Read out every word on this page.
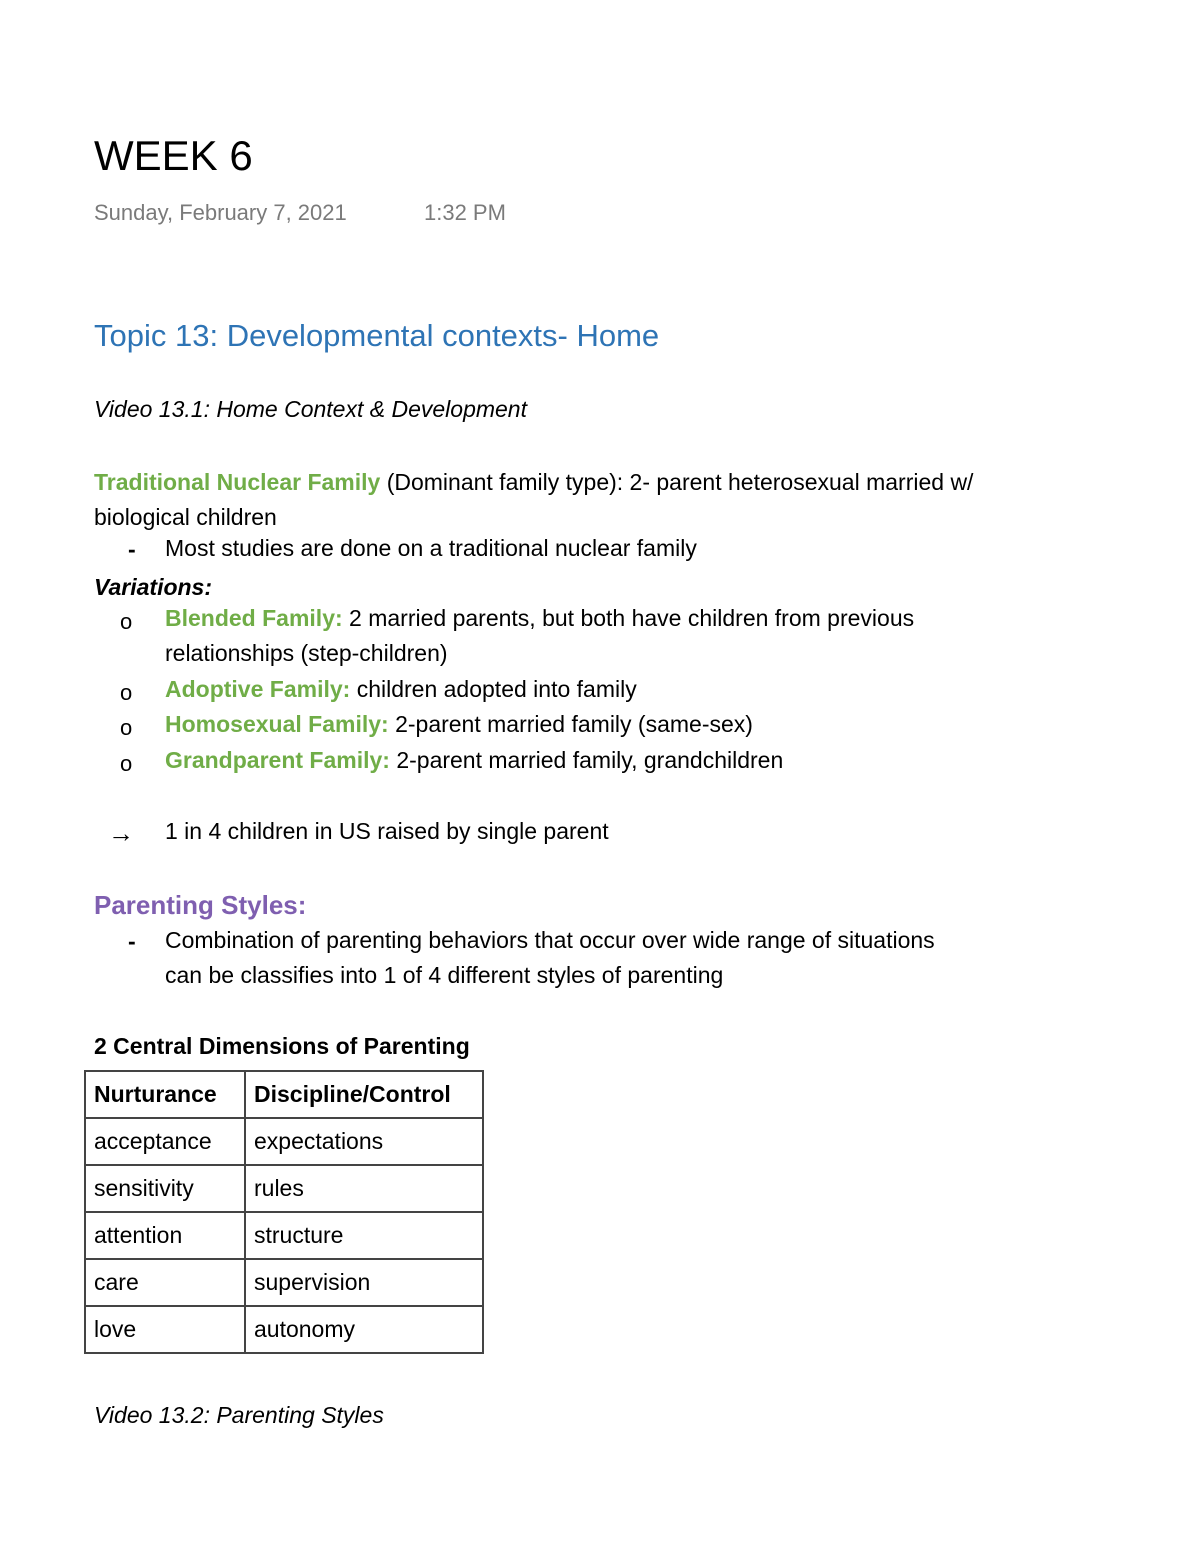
WEEK 6
Sunday, February 7, 2021	1:32 PM
Topic 13: Developmental contexts- Home
Video 13.1: Home Context & Development
Traditional Nuclear Family (Dominant family type): 2- parent heterosexual married w/
biological children
- Most studies are done on a traditional nuclear family
Variations:
o Blended Family: 2 married parents, but both have children from previous
relationships (step-children)
o Adoptive Family: children adopted into family
o Homosexual Family: 2-parent married family (same-sex)
o Grandparent Family: 2-parent married family, grandchildren
→ 1 in 4 children in US raised by single parent
Parenting Styles:
- Combination of parenting behaviors that occur over wide range of situations
can be classifies into 1 of 4 different styles of parenting
2 Central Dimensions of Parenting
Nurturance	Discipline/Control
acceptance	expectations
sensitivity	rules
attention	structure
care	supervision
love	autonomy
Video 13.2: Parenting Styles
